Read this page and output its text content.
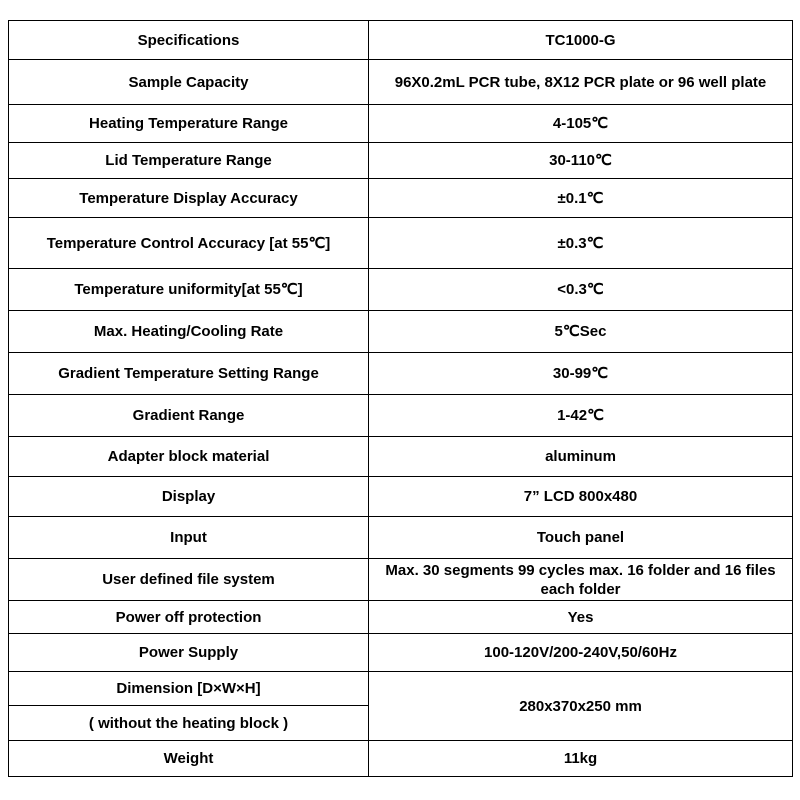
Specifications	TC1000-G
Sample Capacity	96X0.2mL PCR tube, 8X12 PCR plate or 96 well plate
Heating Temperature Range	4-105℃
Lid Temperature Range	30-110℃
Temperature Display Accuracy	±0.1℃
Temperature Control Accuracy [at 55℃]	±0.3℃
Temperature uniformity[at 55℃]	<0.3℃
Max. Heating/Cooling Rate	5℃Sec
Gradient Temperature Setting Range	30-99℃
Gradient Range	1-42℃
Adapter block material	aluminum
Display	7” LCD 800x480
Input	Touch panel
User defined file system	Max. 30 segments 99 cycles max. 16 folder and 16 files each folder
Power off protection	Yes
Power Supply	100-120V/200-240V,50/60Hz
Dimension [D×W×H]	280x370x250 mm
( without the heating block )	
Weight	11kg
